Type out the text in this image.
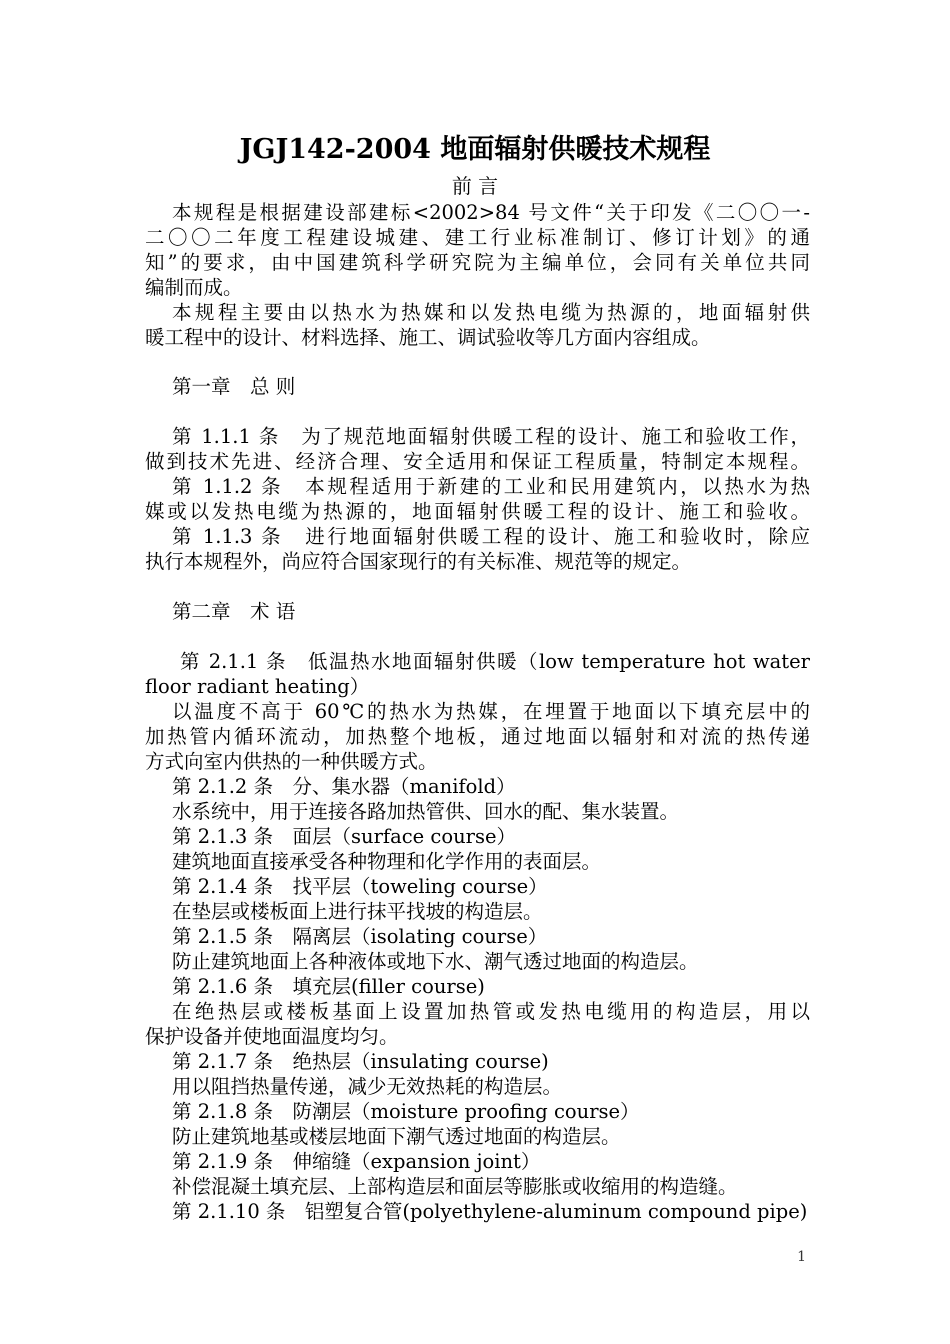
JGJ142-2004 地面辐射供暖技术规程
前 言
本规程是根据建设部建标<2002>84 号文件“关于印发《二〇〇一-
二〇〇二年度工程建设城建、建工行业标准制订、修订计划》的通
知”的要求，由中国建筑科学研究院为主编单位，会同有关单位共同
编制而成。
本规程主要由以热水为热媒和以发热电缆为热源的，地面辐射供
暖工程中的设计、材料选择、施工、调试验收等几方面内容组成。
第一章　总 则
第 1.1.1 条　为了规范地面辐射供暖工程的设计、施工和验收工作，
做到技术先进、经济合理、安全适用和保证工程质量，特制定本规程。
第 1.1.2 条　本规程适用于新建的工业和民用建筑内，以热水为热
媒或以发热电缆为热源的，地面辐射供暖工程的设计、施工和验收。
第 1.1.3 条　进行地面辐射供暖工程的设计、施工和验收时，除应
执行本规程外，尚应符合国家现行的有关标准、规范等的规定。
第二章　术 语
第 2.1.1 条　低温热水地面辐射供暖（low temperature hot water
floor radiant heating）
以温度不高于 60℃的热水为热媒，在埋置于地面以下填充层中的
加热管内循环流动，加热整个地板，通过地面以辐射和对流的热传递
方式向室内供热的一种供暖方式。
第 2.1.2 条　分、集水器（manifold）
水系统中，用于连接各路加热管供、回水的配、集水装置。
第 2.1.3 条　面层（surface course）
建筑地面直接承受各种物理和化学作用的表面层。
第 2.1.4 条　找平层（toweling course）
在垫层或楼板面上进行抹平找坡的构造层。
第 2.1.5 条　隔离层（isolating course）
防止建筑地面上各种液体或地下水、潮气透过地面的构造层。
第 2.1.6 条　填充层(filler course)
在绝热层或楼板基面上设置加热管或发热电缆用的构造层，用以
保护设备并使地面温度均匀。
第 2.1.7 条　绝热层（insulating course)
用以阻挡热量传递，减少无效热耗的构造层。
第 2.1.8 条　防潮层（moisture proofing course）
防止建筑地基或楼层地面下潮气透过地面的构造层。
第 2.1.9 条　伸缩缝（expansion joint）
补偿混凝土填充层、上部构造层和面层等膨胀或收缩用的构造缝。
第 2.1.10 条　铝塑复合管(polyethylene-aluminum compound pipe)
1
